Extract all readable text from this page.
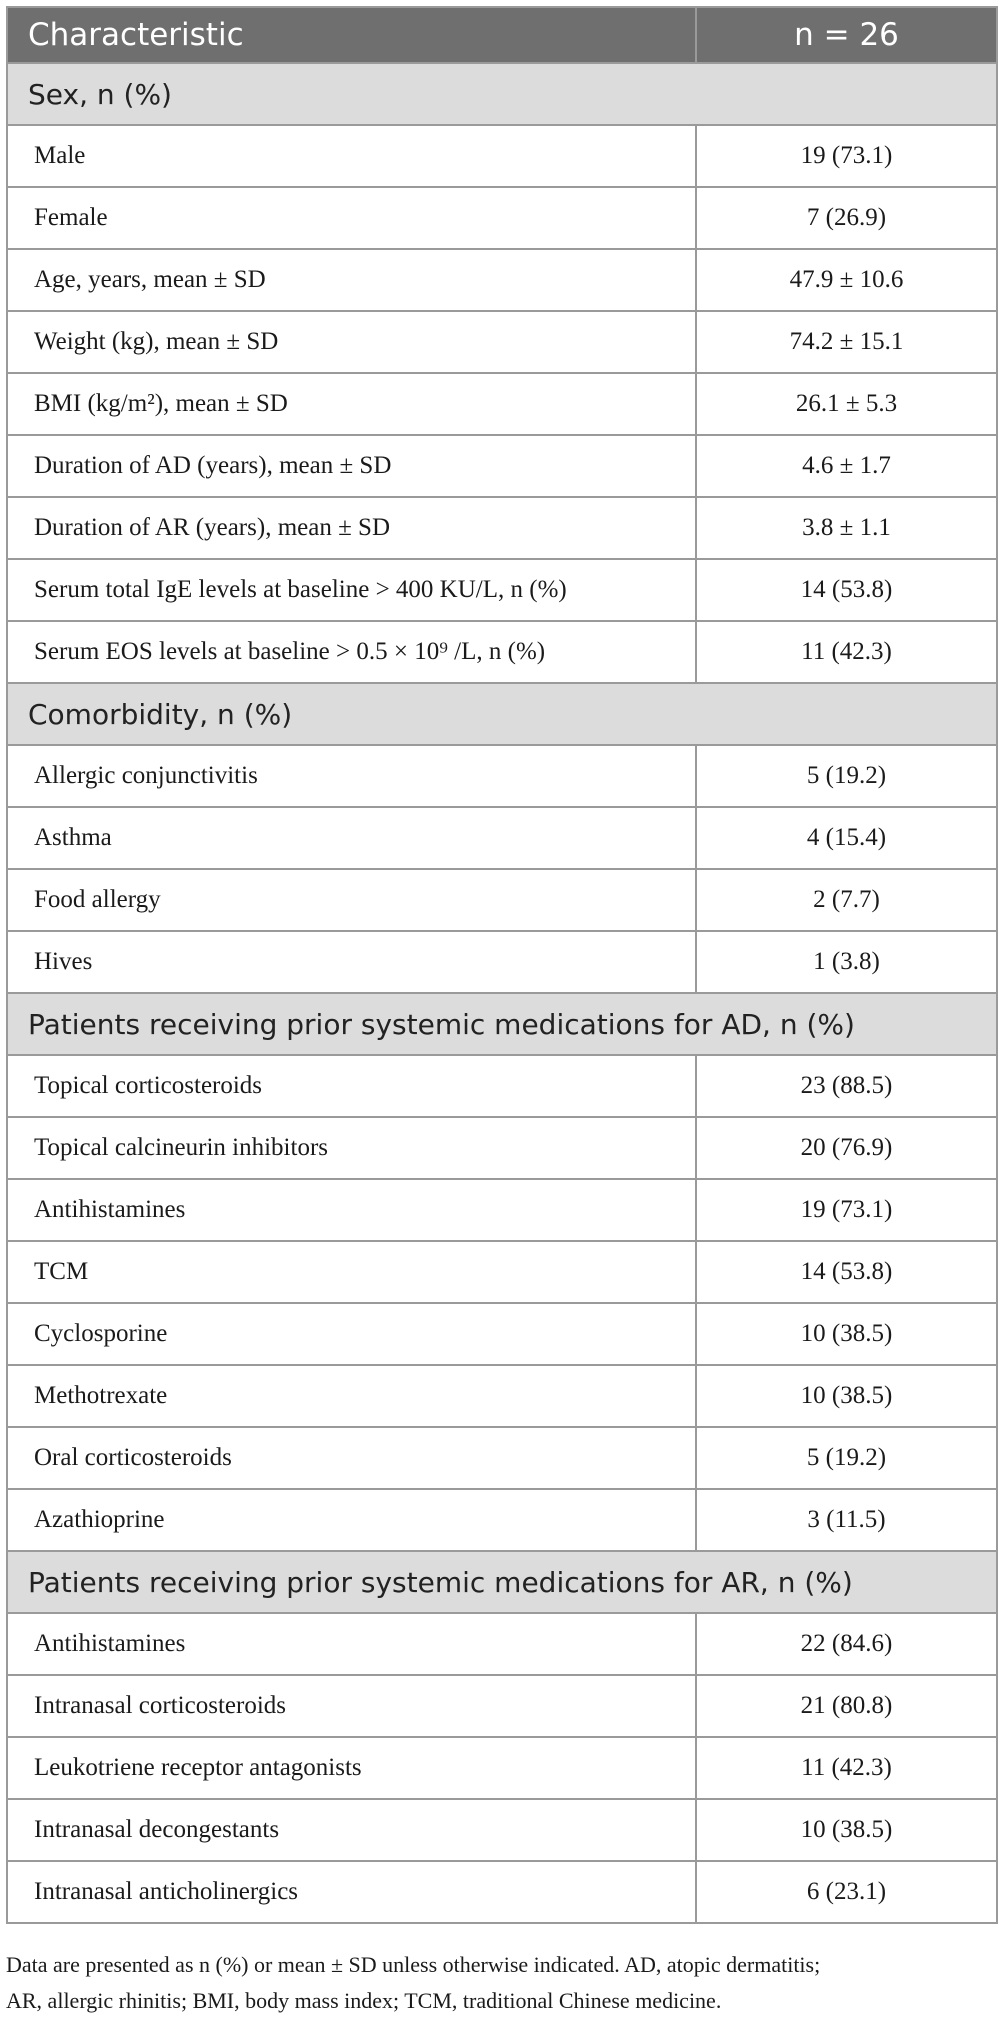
Characteristic	n = 26
Sex, n (%)	
Male	19 (73.1)
Female	7 (26.9)
Age, years, mean ± SD	47.9 ± 10.6
Weight (kg), mean ± SD	74.2 ± 15.1
BMI (kg/m²), mean ± SD	26.1 ± 5.3
Duration of AD (years), mean ± SD	4.6 ± 1.7
Duration of AR (years), mean ± SD	3.8 ± 1.1
Serum total IgE levels at baseline > 400 KU/L, n (%)	14 (53.8)
Serum EOS levels at baseline > 0.5 × 10⁹ /L, n (%)	11 (42.3)
Comorbidity, n (%)	
Allergic conjunctivitis	5 (19.2)
Asthma	4 (15.4)
Food allergy	2 (7.7)
Hives	1 (3.8)
Patients receiving prior systemic medications for AD, n (%)	
Topical corticosteroids	23 (88.5)
Topical calcineurin inhibitors	20 (76.9)
Antihistamines	19 (73.1)
TCM	14 (53.8)
Cyclosporine	10 (38.5)
Methotrexate	10 (38.5)
Oral corticosteroids	5 (19.2)
Azathioprine	3 (11.5)
Patients receiving prior systemic medications for AR, n (%)	
Antihistamines	22 (84.6)
Intranasal corticosteroids	21 (80.8)
Leukotriene receptor antagonists	11 (42.3)
Intranasal decongestants	10 (38.5)
Intranasal anticholinergics	6 (23.1)
Data are presented as n (%) or mean ± SD unless otherwise indicated. AD, atopic dermatitis;
AR, allergic rhinitis; BMI, body mass index; TCM, traditional Chinese medicine.
